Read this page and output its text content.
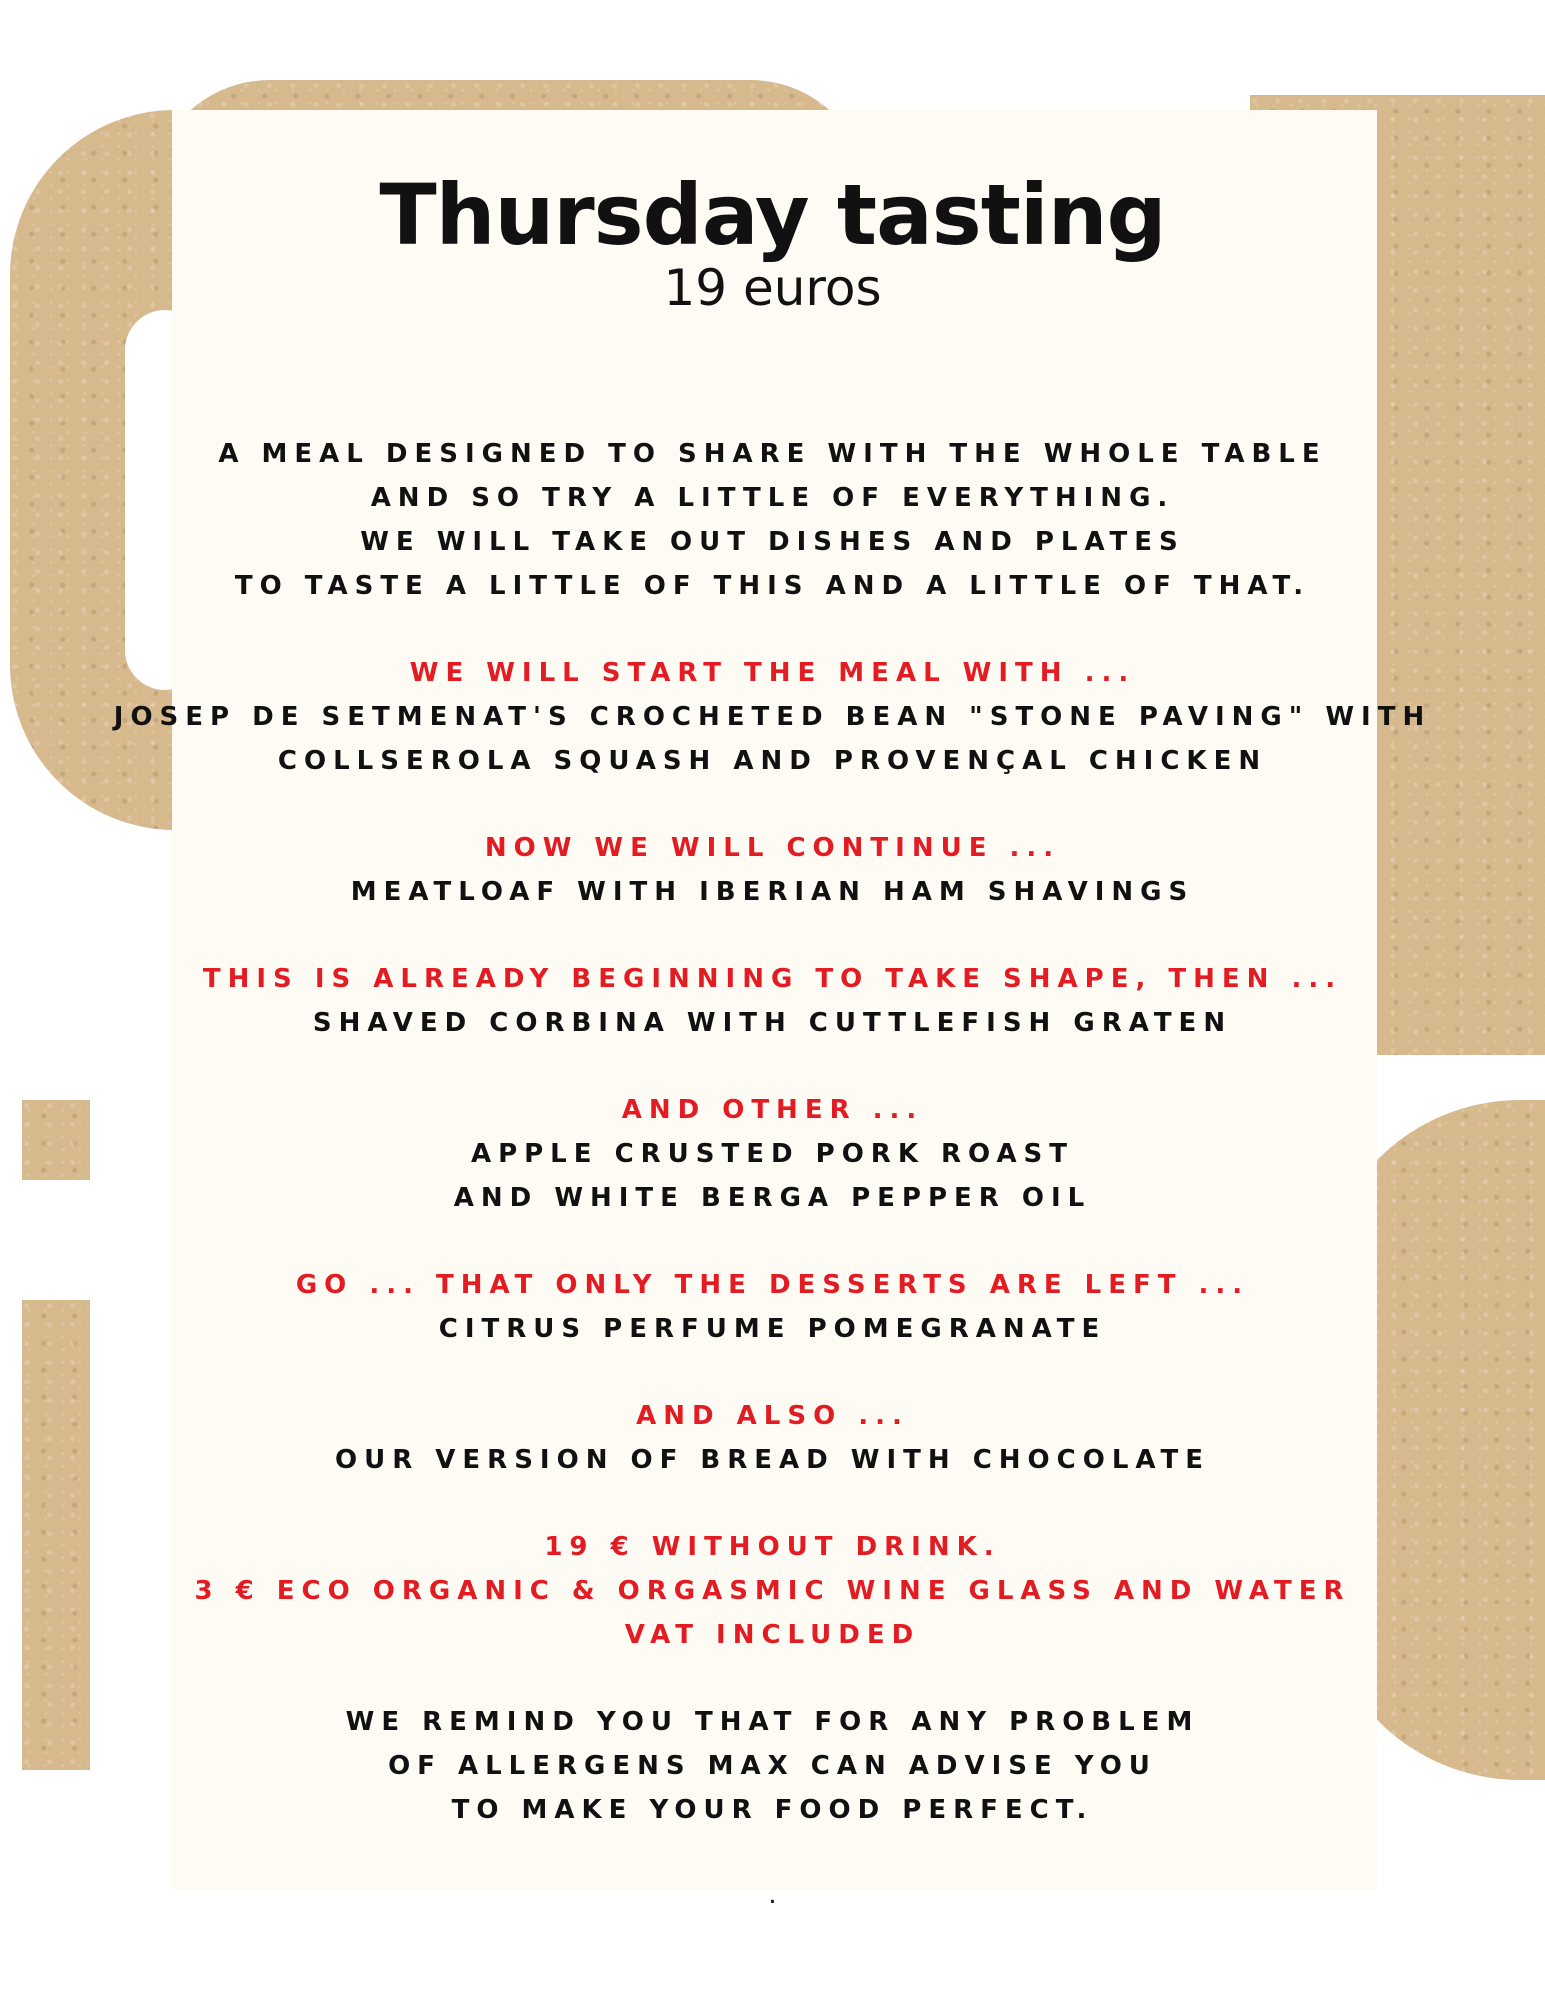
Thursday tasting
19 euros
A MEAL DESIGNED TO SHARE WITH THE WHOLE TABLE
AND SO TRY A LITTLE OF EVERYTHING.
WE WILL TAKE OUT DISHES AND PLATES
TO TASTE A LITTLE OF THIS AND A LITTLE OF THAT.
WE WILL START THE MEAL WITH ...
JOSEP DE SETMENAT'S CROCHETED BEAN "STONE PAVING" WITH
COLLSEROLA SQUASH AND PROVENÇAL CHICKEN
NOW WE WILL CONTINUE ...
MEATLOAF WITH IBERIAN HAM SHAVINGS
THIS IS ALREADY BEGINNING TO TAKE SHAPE, THEN ...
SHAVED CORBINA WITH CUTTLEFISH GRATEN
AND OTHER ...
APPLE CRUSTED PORK ROAST
AND WHITE BERGA PEPPER OIL
GO ... THAT ONLY THE DESSERTS ARE LEFT ...
CITRUS PERFUME POMEGRANATE
AND ALSO ...
OUR VERSION OF BREAD WITH CHOCOLATE
19 € WITHOUT DRINK.
3 € ECO ORGANIC & ORGASMIC WINE GLASS AND WATER
VAT INCLUDED
WE REMIND YOU THAT FOR ANY PROBLEM
OF ALLERGENS MAX CAN ADVISE YOU
TO MAKE YOUR FOOD PERFECT.
.
